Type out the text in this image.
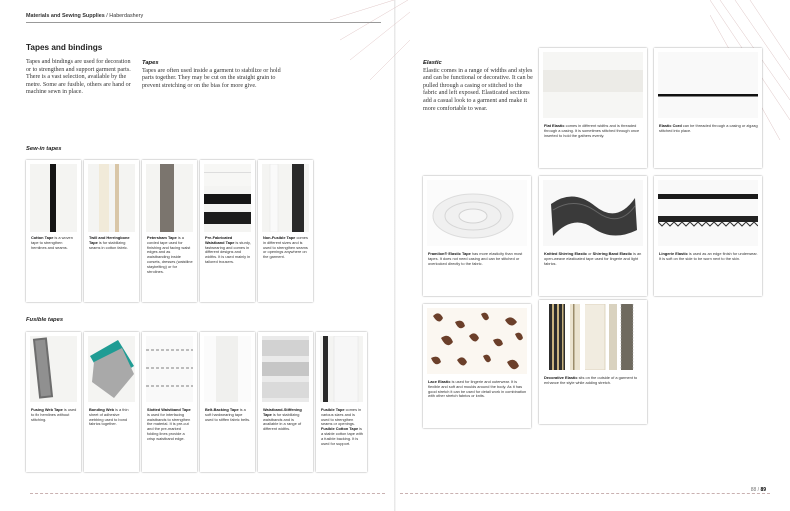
Materials and Sewing Supplies / Haberdashery
Tapes and bindings
Tapes and bindings are used for decoration or to strengthen and support garment parts. There is a vast selection, available by the metre. Some are fusible, others are hand or machine sewn in place.
Tapes
Tapes are often used inside a garment to stabilize or hold parts together. They may be cut on the straight grain to prevent stretching or on the bias for more give.
Elastic
Elastic comes in a range of widths and styles and can be functional or decorative. It can be pulled through a casing or stitched to the fabric and left exposed. Elasticated sections add a casual look to a garment and make it more comfortable to wear.
Sew-in tapes
Fusible tapes
Cotton Tape is a woven tape to strengthen hemlines and seams.
Twill and Herringbone Tape is for stabilizing seams in cotton fabric.
Petersham Tape is a corded tape used for finishing and facing waist edges and as waistbanding inside corsets, dresses (waistline staybelting) or for strrolines.
Pre-Fabricated Waistband Tape is sturdy, fastwearing and comes in different designs and widths. It is used mainly in tailored trousers.
Non-Fusible Tape comes in different sizes and is used to strengthen seams or openings anywhere on the garment.
Fusing Web Tape is used to fix hemlines without stitching.
Bonding Web is a thin sheet of adhesive webbing used to bond fabrics together.
Slotted Waistband Tape is used for interfacing waistbands to strengthen the material. It is pre-cut and the pre-marked folding lines provide a crisp waistband edge.
Belt-Backing Tape is a soft hardwearing tape used to stiffen fabric belts.
Waistband-Stiffening Tape is for stabilizing waistbands and is available in a range of different widths.
Fusible Tape comes in various sizes and is used to strengthen seams or openings. Fusible Cotton Tape is a stable cotton tape with a fusible backing. It is used for support.
Flat Elastic comes in different widths and is threaded through a casing. It is sometimes stitched through once inserted to hold the gathers evenly.
Elastic Cord can be threaded through a casing or zigzag stitched into place.
Framilon® Elastic Tape has more elasticity than most tapes. It does not need casing and can be stitched or overlocked directly to the fabric.
Knitted Shirring Elastic or Shirring Band Elastic is an open-weave elasticated tape used for lingerie and light fabrics.
Lingerie Elastic is used as an edge finish for underwear. It is soft on the side to be worn next to the skin.
Lace Elastic is used for lingerie and outerwear. It is flexible and soft and moulds around the body. As it has good stretch it can be used for detail work in combination with other stretch fabrics or knits.
Decorative Elastic sits on the outside of a garment to enhance the style while adding stretch.
88 / 89
